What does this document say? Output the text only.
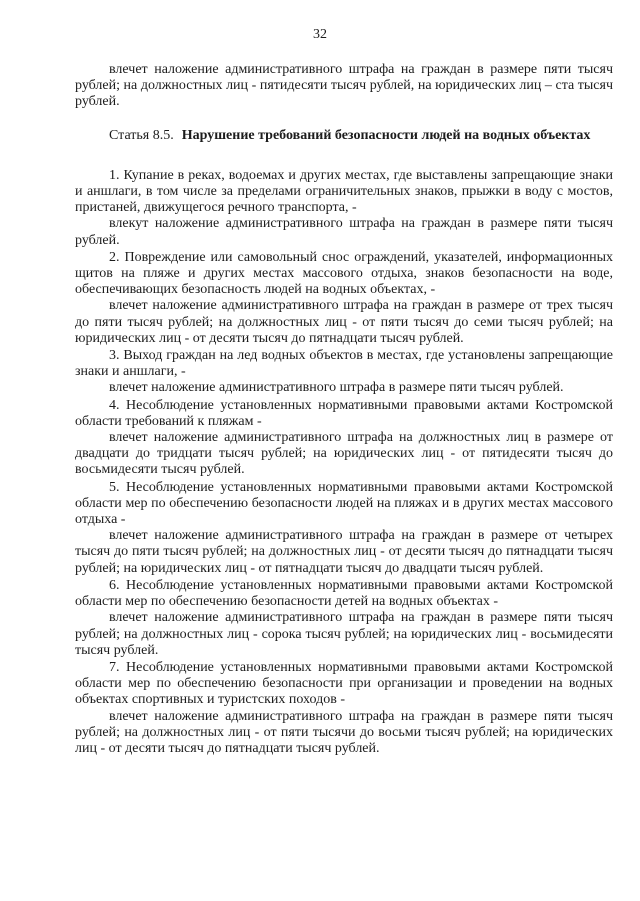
32

влечет наложение административного штрафа на граждан в размере пяти тысяч рублей; на должностных лиц - пятидесяти тысяч рублей, на юридических лиц – ста тысяч рублей.

Статья 8.5. Нарушение требований безопасности людей на водных объектах

1. Купание в реках, водоемах и других местах, где выставлены запрещающие знаки и аншлаги, в том числе за пределами ограничительных знаков, прыжки в воду с мостов, пристаней, движущегося речного транспорта, -

влекут наложение административного штрафа на граждан в размере пяти тысяч рублей.

2. Повреждение или самовольный снос ограждений, указателей, информационных щитов на пляже и других местах массового отдыха, знаков безопасности на воде, обеспечивающих безопасность людей на водных объектах, -

влечет наложение административного штрафа на граждан в размере от трех тысяч до пяти тысяч рублей; на должностных лиц - от пяти тысяч до семи тысяч рублей; на юридических лиц - от десяти тысяч до пятнадцати тысяч рублей.

3. Выход граждан на лед водных объектов в местах, где установлены запрещающие знаки и аншлаги, -

влечет наложение административного штрафа в размере пяти тысяч рублей.

4. Несоблюдение установленных нормативными правовыми актами Костромской области требований к пляжам -

влечет наложение административного штрафа на должностных лиц в размере от двадцати до тридцати тысяч рублей; на юридических лиц - от пятидесяти тысяч до восьмидесяти тысяч рублей.

5. Несоблюдение установленных нормативными правовыми актами Костромской области мер по обеспечению безопасности людей на пляжах и в других местах массового отдыха -

влечет наложение административного штрафа на граждан в размере от четырех тысяч до пяти тысяч рублей; на должностных лиц - от десяти тысяч до пятнадцати тысяч рублей; на юридических лиц - от пятнадцати тысяч до двадцати тысяч рублей.

6. Несоблюдение установленных нормативными правовыми актами Костромской области мер по обеспечению безопасности детей на водных объектах -

влечет наложение административного штрафа на граждан в размере пяти тысяч рублей; на должностных лиц - сорока тысяч рублей; на юридических лиц - восьмидесяти тысяч рублей.

7. Несоблюдение установленных нормативными правовыми актами Костромской области мер по обеспечению безопасности при организации и проведении на водных объектах спортивных и туристских походов -

влечет наложение административного штрафа на граждан в размере пяти тысяч рублей; на должностных лиц - от пяти тысячи до восьми тысяч рублей; на юридических лиц - от десяти тысяч до пятнадцати тысяч рублей.
